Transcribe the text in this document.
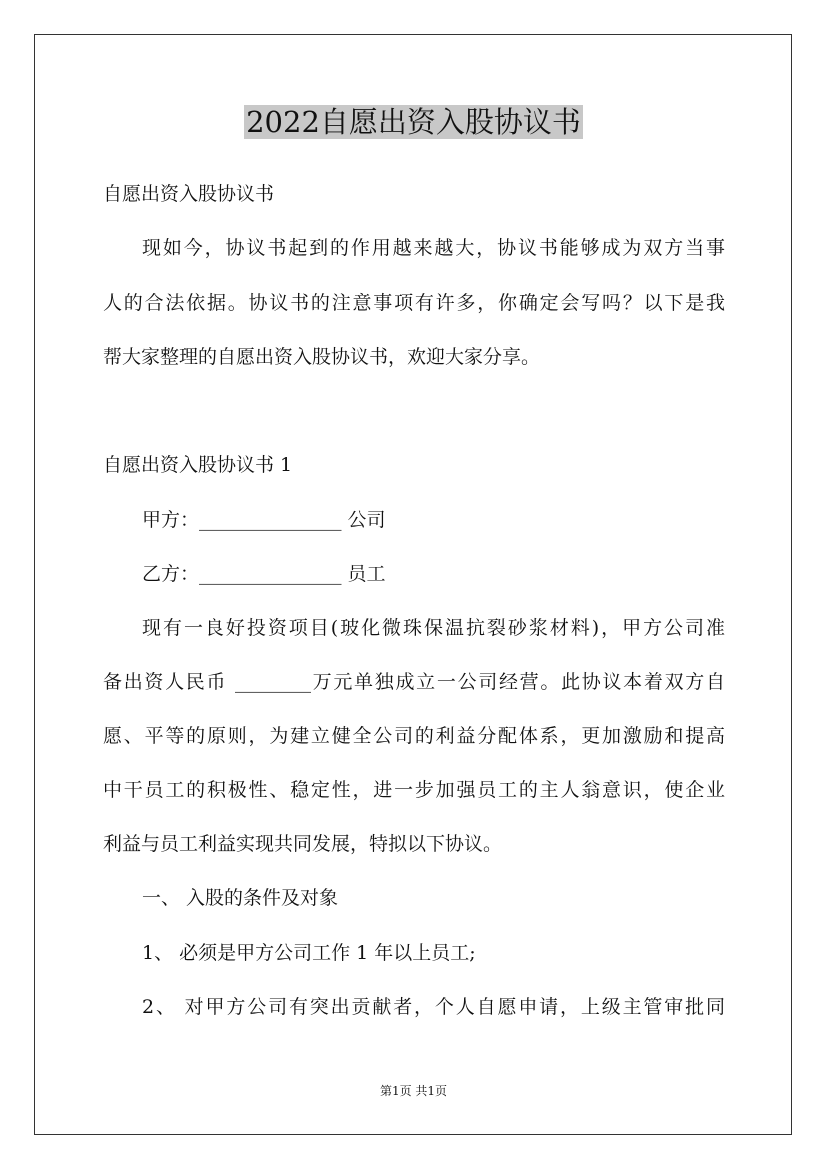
2022自愿出资入股协议书

自愿出资入股协议书

现如今，协议书起到的作用越来越大，协议书能够成为双方当事

人的合法依据。协议书的注意事项有许多，你确定会写吗？以下是我

帮大家整理的自愿出资入股协议书，欢迎大家分享。

自愿出资入股协议书 1

甲方：_______________ 公司

乙方：_______________ 员工

现有一良好投资项目(玻化微珠保温抗裂砂浆材料)，甲方公司准

备出资人民币 ________万元单独成立一公司经营。此协议本着双方自

愿、平等的原则，为建立健全公司的利益分配体系，更加激励和提高

中干员工的积极性、稳定性，进一步加强员工的主人翁意识，使企业

利益与员工利益实现共同发展，特拟以下协议。

一、 入股的条件及对象

1、 必须是甲方公司工作 1 年以上员工;

2、 对甲方公司有突出贡献者，个人自愿申请，上级主管审批同

第1页 共1页
